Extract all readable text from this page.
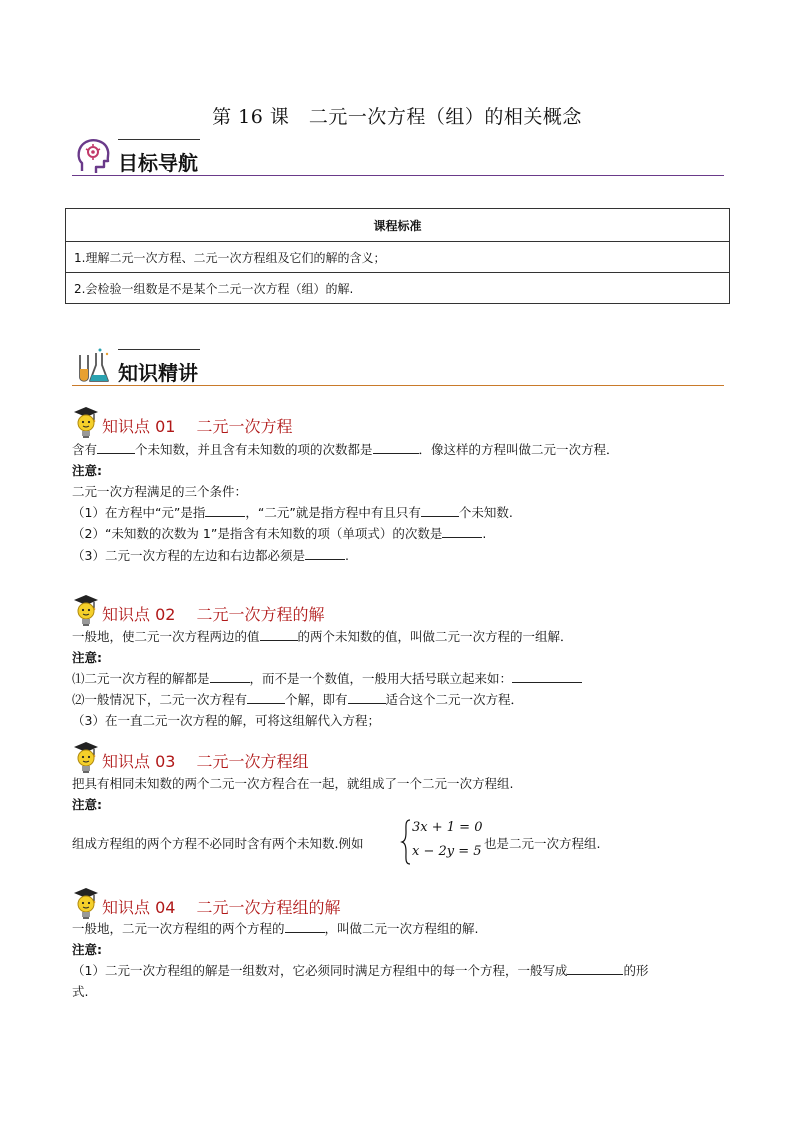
第 16 课　二元一次方程（组）的相关概念
目标导航
课程标准
1.理解二元一次方程、二元一次方程组及它们的解的含义；
2.会检验一组数是不是某个二元一次方程（组）的解.
知识精讲
知识点 01　 二元一次方程
含有	个未知数，并且含有未知数的项的次数都是	．像这样的方程叫做二元一次方程．
注意:
二元一次方程满足的三个条件：
（1）在方程中“元”是指	，“二元”就是指方程中有且只有	个未知数.
（2）“未知数的次数为 1”是指含有未知数的项（单项式）的次数是	.
（3）二元一次方程的左边和右边都必须是	.
知识点 02　 二元一次方程的解
一般地，使二元一次方程两边的值	的两个未知数的值，叫做二元一次方程的一组解．
注意:
⑴二元一次方程的解都是	，而不是一个数值，一般用大括号联立起来如：
⑵一般情况下，二元一次方程有	个解，即有	适合这个二元一次方程．
（3）在一直二元一次方程的解，可将这组解代入方程；
知识点 03　 二元一次方程组
把具有相同未知数的两个二元一次方程合在一起，就组成了一个二元一次方程组.
注意:
组成方程组的两个方程不必同时含有两个未知数.例如
3x + 1 = 0
x − 2y = 5
也是二元一次方程组.
知识点 04　 二元一次方程组的解
一般地，二元一次方程组的两个方程的	，叫做二元一次方程组的解.
注意:
（1）二元一次方程组的解是一组数对，它必须同时满足方程组中的每一个方程，一般写成	的形
式.
